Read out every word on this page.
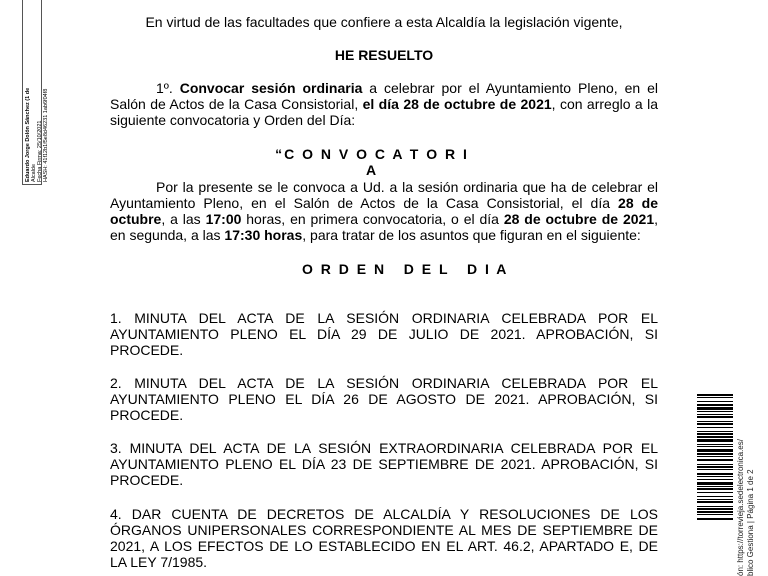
Eduardo Jorge Dolón Sánchez (1 de Alcalde Fecha Firma: 25/10/2021 HASH: 41f12b1f5e8d46231 1ab6f04f8
En virtud de las facultades que confiere a esta Alcaldía la legislación vigente,
HE RESUELTO
1º. Convocar sesión ordinaria a celebrar por el Ayuntamiento Pleno, en el
Salón de Actos de la Casa Consistorial, el día 28 de octubre de 2021, con arreglo a la
siguiente convocatoria y Orden del Día:
“C O N V O C A T O R I A
Por la presente se le convoca a Ud. a la sesión ordinaria que ha de celebrar el
Ayuntamiento Pleno, en el Salón de Actos de la Casa Consistorial, el día 28 de
octubre, a las 17:00 horas, en primera convocatoria, o el día 28 de octubre de 2021,
en segunda, a las 17:30 horas, para tratar de los asuntos que figuran en el siguiente:
O R D E N   D E L   D I A
1. MINUTA DEL ACTA DE LA SESIÓN ORDINARIA CELEBRADA POR EL
AYUNTAMIENTO PLENO EL DÍA 29 DE JULIO DE 2021. APROBACIÓN, SI
PROCEDE.
2. MINUTA DEL ACTA DE LA SESIÓN ORDINARIA CELEBRADA POR EL
AYUNTAMIENTO PLENO EL DÍA 26 DE AGOSTO DE 2021. APROBACIÓN, SI
PROCEDE.
3. MINUTA DEL ACTA DE LA SESIÓN EXTRAORDINARIA CELEBRADA POR EL
AYUNTAMIENTO PLENO EL DÍA 23 DE SEPTIEMBRE DE 2021. APROBACIÓN, SI
PROCEDE.
4. DAR CUENTA DE DECRETOS DE ALCALDÍA Y RESOLUCIONES DE LOS
ÓRGANOS UNIPERSONALES CORRESPONDIENTE AL MES DE SEPTIEMBRE DE
2021, A LOS EFECTOS DE LO ESTABLECIDO EN EL ART. 46.2, APARTADO E, DE
LA LEY 7/1985.	ón: https://torrevieja.sedelectronica.es/ blico Gestiona | Página 1 de 2
